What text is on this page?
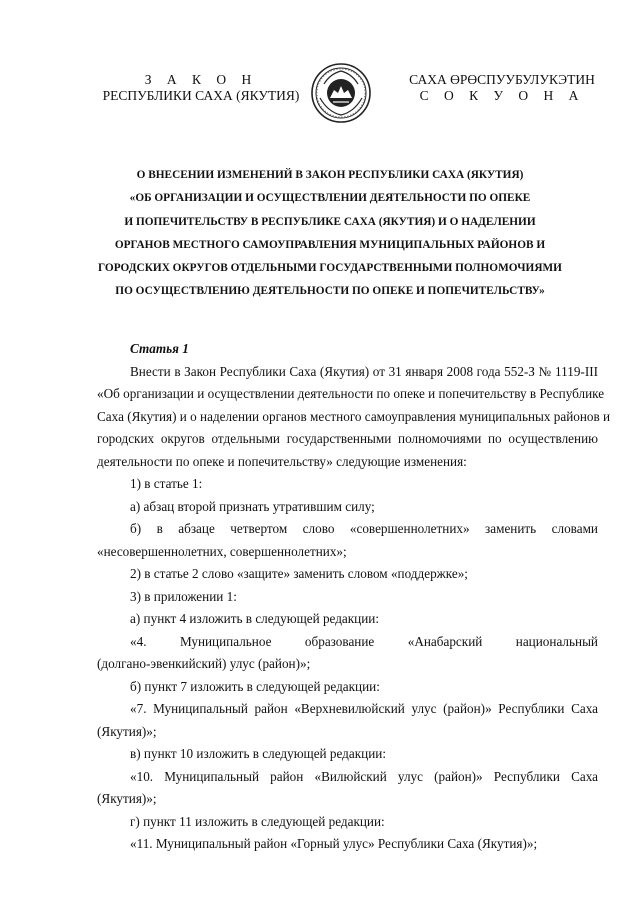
З А К О Н
РЕСПУБЛИКИ САХА (ЯКУТИЯ)
САХА ӨРӨСПУУБУЛУКЭТИН
С О К У О Н А
О ВНЕСЕНИИ ИЗМЕНЕНИЙ В ЗАКОН РЕСПУБЛИКИ САХА (ЯКУТИЯ)
«ОБ ОРГАНИЗАЦИИ И ОСУЩЕСТВЛЕНИИ ДЕЯТЕЛЬНОСТИ ПО ОПЕКЕ
И ПОПЕЧИТЕЛЬСТВУ В РЕСПУБЛИКЕ САХА (ЯКУТИЯ) И О НАДЕЛЕНИИ
ОРГАНОВ МЕСТНОГО САМОУПРАВЛЕНИЯ МУНИЦИПАЛЬНЫХ РАЙОНОВ И
ГОРОДСКИХ ОКРУГОВ ОТДЕЛЬНЫМИ ГОСУДАРСТВЕННЫМИ ПОЛНОМОЧИЯМИ
ПО ОСУЩЕСТВЛЕНИЮ ДЕЯТЕЛЬНОСТИ ПО ОПЕКЕ И ПОПЕЧИТЕЛЬСТВУ»
Статья 1
Внести в Закон Республики Саха (Якутия) от 31 января 2008 года 552-З № 1119-III
«Об организации и осуществлении деятельности по опеке и попечительству в Республике
Саха (Якутия) и о наделении органов местного самоуправления муниципальных районов и
городских округов отдельными государственными полномочиями по осуществлению
деятельности по опеке и попечительству» следующие изменения:
1) в статье 1:
а) абзац второй признать утратившим силу;
б) в абзаце четвертом слово «совершеннолетних» заменить словами
«несовершеннолетних, совершеннолетних»;
2) в статье 2 слово «защите» заменить словом «поддержке»;
3) в приложении 1:
а) пункт 4 изложить в следующей редакции:
«4. Муниципальное образование «Анабарский национальный
(долгано-эвенкийский) улус (район)»;
б) пункт 7 изложить в следующей редакции:
«7. Муниципальный район «Верхневилюйский улус (район)» Республики Саха
(Якутия)»;
в) пункт 10 изложить в следующей редакции:
«10. Муниципальный район «Вилюйский улус (район)» Республики Саха
(Якутия)»;
г) пункт 11 изложить в следующей редакции:
«11. Муниципальный район «Горный улус» Республики Саха (Якутия)»;
